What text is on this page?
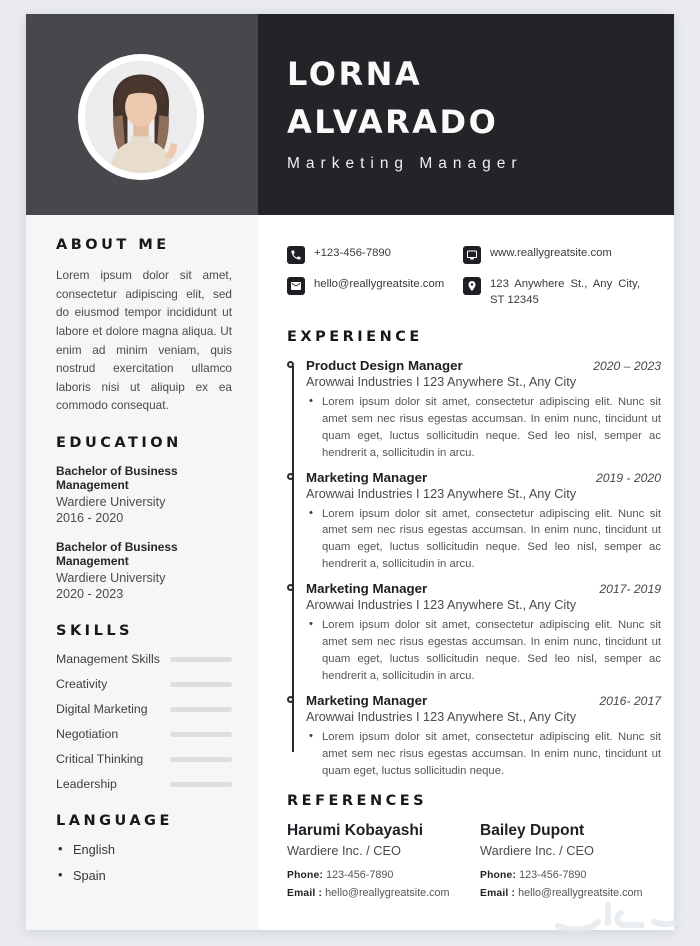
LORNA
ALVARADO
Marketing Manager
ABOUT ME

Lorem ipsum dolor sit amet, consectetur adipiscing elit, sed do eiusmod tempor incididunt ut labore et dolore magna aliqua. Ut enim ad minim veniam, quis nostrud exercitation ullamco laboris nisi ut aliquip ex ea commodo consequat.

EDUCATION
Bachelor of Business Management
Wardiere University
2016 - 2020
Bachelor of Business Management
Wardiere University
2020 - 2023
SKILLS
Management Skills
Creativity
Digital Marketing
Negotiation
Critical Thinking
Leadership
LANGUAGE
• English
• Spain
+123-456-7890	www.reallygreatsite.com
hello@reallygreatsite.com	123 Anywhere St., Any City, ST 12345
EXPERIENCE
Product Design Manager	2020 – 2023
Arowwai Industries I 123 Anywhere St., Any City
• Lorem ipsum dolor sit amet, consectetur adipiscing elit. Nunc sit amet sem nec risus egestas accumsan. In enim nunc, tincidunt ut quam eget, luctus sollicitudin neque. Sed leo nisl, semper ac hendrerit a, sollicitudin in arcu.
Marketing Manager	2019 - 2020
Arowwai Industries I 123 Anywhere St., Any City
• Lorem ipsum dolor sit amet, consectetur adipiscing elit. Nunc sit amet sem nec risus egestas accumsan. In enim nunc, tincidunt ut quam eget, luctus sollicitudin neque. Sed leo nisl, semper ac hendrerit a, sollicitudin in arcu.
Marketing Manager	2017- 2019
Arowwai Industries I 123 Anywhere St., Any City
• Lorem ipsum dolor sit amet, consectetur adipiscing elit. Nunc sit amet sem nec risus egestas accumsan. In enim nunc, tincidunt ut quam eget, luctus sollicitudin neque. Sed leo nisl, semper ac hendrerit a, sollicitudin in arcu.
Marketing Manager	2016- 2017
Arowwai Industries I 123 Anywhere St., Any City
• Lorem ipsum dolor sit amet, consectetur adipiscing elit. Nunc sit amet sem nec risus egestas accumsan. In enim nunc, tincidunt ut quam eget, luctus sollicitudin neque.
REFERENCES
Harumi Kobayashi
Wardiere Inc. / CEO
Phone: 123-456-7890
Email : hello@reallygreatsite.com
Bailey Dupont
Wardiere Inc. / CEO
Phone: 123-456-7890
Email : hello@reallygreatsite.com
